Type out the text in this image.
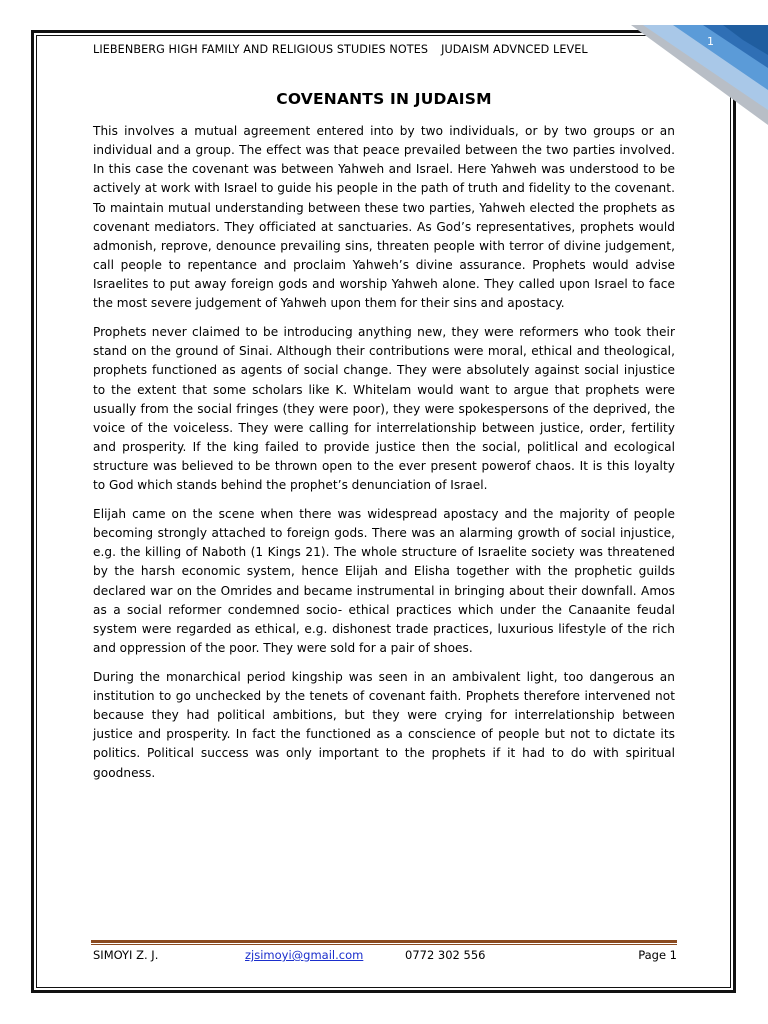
1
LIEBENBERG HIGH FAMILY AND RELIGIOUS STUDIES NOTES JUDAISM ADVNCED LEVEL
COVENANTS IN JUDAISM

This involves a mutual agreement entered into by two individuals, or by two groups or an individual and a group. The effect was that peace prevailed between the two parties involved. In this case the covenant was between Yahweh and Israel. Here Yahweh was understood to be actively at work with Israel to guide his people in the path of truth and fidelity to the covenant. To maintain mutual understanding between these two parties, Yahweh elected the prophets as covenant mediators. They officiated at sanctuaries. As God’s representatives, prophets would admonish, reprove, denounce prevailing sins, threaten people with terror of divine judgement, call people to repentance and proclaim Yahweh’s divine assurance. Prophets would advise Israelites to put away foreign gods and worship Yahweh alone. They called upon Israel to face the most severe judgement of Yahweh upon them for their sins and apostacy.

Prophets never claimed to be introducing anything new, they were reformers who took their stand on the ground of Sinai. Although their contributions were moral, ethical and theological, prophets functioned as agents of social change. They were absolutely against social injustice to the extent that some scholars like K. Whitelam would want to argue that prophets were usually from the social fringes (they were poor), they were spokespersons of the deprived, the voice of the voiceless. They were calling for interrelationship between justice, order, fertility and prosperity. If the king failed to provide justice then the social, politlical and ecological structure was believed to be thrown open to the ever present powerof chaos. It is this loyalty to God which stands behind the prophet’s denunciation of Israel.

Elijah came on the scene when there was widespread apostacy and the majority of people becoming strongly attached to foreign gods. There was an alarming growth of social injustice, e.g. the killing of Naboth (1 Kings 21). The whole structure of Israelite society was threatened by the harsh economic system, hence Elijah and Elisha together with the prophetic guilds declared war on the Omrides and became instrumental in bringing about their downfall. Amos as a social reformer condemned socio- ethical practices which under the Canaanite feudal system were regarded as ethical, e.g. dishonest trade practices, luxurious lifestyle of the rich and oppression of the poor. They were sold for a pair of shoes.

During the monarchical period kingship was seen in an ambivalent light, too dangerous an institution to go unchecked by the tenets of covenant faith. Prophets therefore intervened not because they had political ambitions, but they were crying for interrelationship between justice and prosperity. In fact the functioned as a conscience of people but not to dictate its politics. Political success was only important to the prophets if it had to do with spiritual goodness.

SIMOYI Z. J.	zjsimoyi@gmail.com	0772 302 556	Page 1
